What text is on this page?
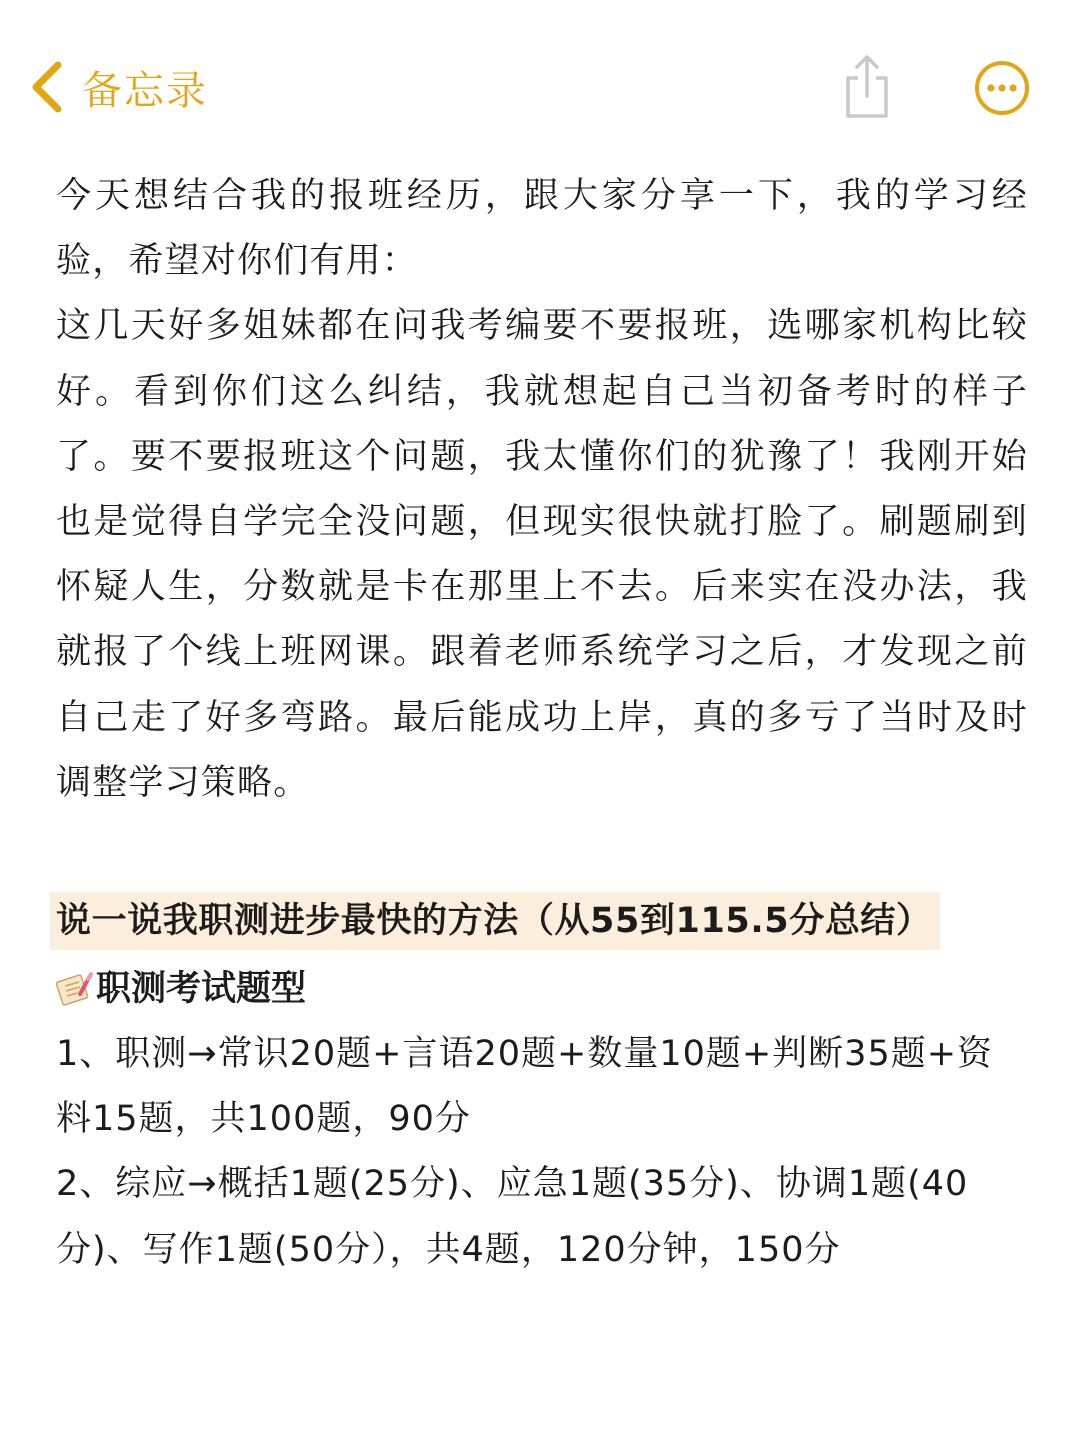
备忘录

今天想结合我的报班经历，跟大家分享一下，我的学习经验，希望对你们有用：

这几天好多姐妹都在问我考编要不要报班，选哪家机构比较好。看到你们这么纠结，我就想起自己当初备考时的样子了。要不要报班这个问题，我太懂你们的犹豫了！我刚开始也是觉得自学完全没问题，但现实很快就打脸了。刷题刷到怀疑人生，分数就是卡在那里上不去。后来实在没办法，我就报了个线上班网课。跟着老师系统学习之后，才发现之前自己走了好多弯路。最后能成功上岸，真的多亏了当时及时调整学习策略。

说一说我职测进步最快的方法（从55到115.5分总结）
职测考试题型

1、职测→常识20题+言语20题+数量10题+判断35题+资料15题，共100题，90分

2、综应→概括1题(25分)、应急1题(35分)、协调1题(40分)、写作1题(50分），共4题，120分钟，150分
